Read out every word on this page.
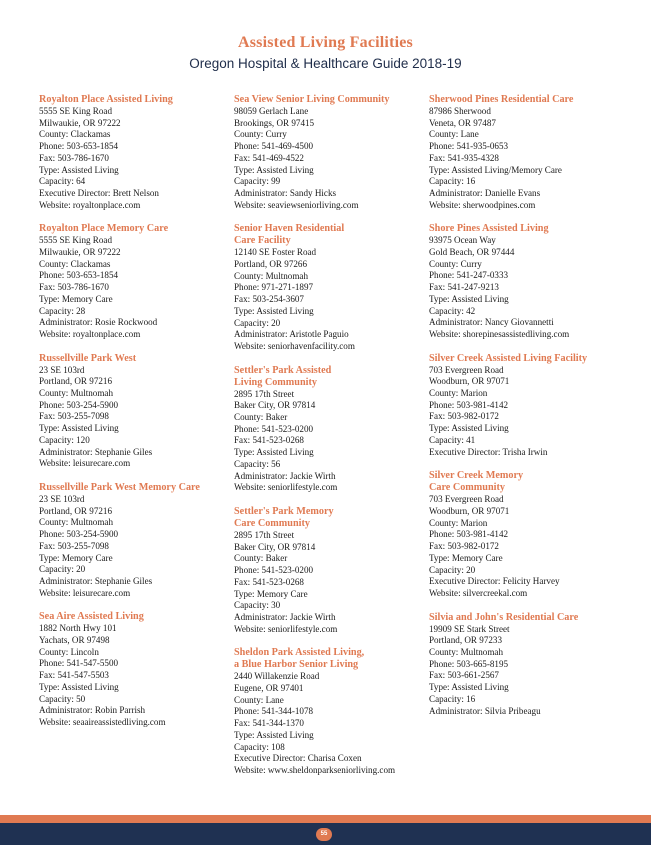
Assisted Living Facilities
Oregon Hospital & Healthcare Guide 2018-19
Royalton Place Assisted Living
5555 SE King Road
Milwaukie, OR 97222
County: Clackamas
Phone: 503-653-1854
Fax: 503-786-1670
Type: Assisted Living
Capacity: 64
Executive Director: Brett Nelson
Website: royaltonplace.com
Royalton Place Memory Care
5555 SE King Road
Milwaukie, OR 97222
County: Clackamas
Phone: 503-653-1854
Fax: 503-786-1670
Type: Memory Care
Capacity: 28
Administrator: Rosie Rockwood
Website: royaltonplace.com
Russellville Park West
23 SE 103rd
Portland, OR 97216
County: Multnomah
Phone: 503-254-5900
Fax: 503-255-7098
Type: Assisted Living
Capacity: 120
Administrator: Stephanie Giles
Website: leisurecare.com
Russellville Park West Memory Care
23 SE 103rd
Portland, OR 97216
County: Multnomah
Phone: 503-254-5900
Fax: 503-255-7098
Type: Memory Care
Capacity: 20
Administrator: Stephanie Giles
Website: leisurecare.com
Sea Aire Assisted Living
1882 North Hwy 101
Yachats, OR 97498
County: Lincoln
Phone: 541-547-5500
Fax: 541-547-5503
Type: Assisted Living
Capacity: 50
Administrator: Robin Parrish
Website: seaaireassistedliving.com
Sea View Senior Living Community
98059 Gerlach Lane
Brookings, OR 97415
County: Curry
Phone: 541-469-4500
Fax: 541-469-4522
Type: Assisted Living
Capacity: 99
Administrator: Sandy Hicks
Website: seaviewseniorliving.com
Senior Haven Residential
Care Facility
12140 SE Foster Road
Portland, OR 97266
County: Multnomah
Phone: 971-271-1897
Fax: 503-254-3607
Type: Assisted Living
Capacity: 20
Administrator: Aristotle Paguio
Website: seniorhavenfacility.com
Settler's Park Assisted
Living Community
2895 17th Street
Baker City, OR 97814
County: Baker
Phone: 541-523-0200
Fax: 541-523-0268
Type: Assisted Living
Capacity: 56
Administrator: Jackie Wirth
Website: seniorlifestyle.com
Settler's Park Memory
Care Community
2895 17th Street
Baker City, OR 97814
County: Baker
Phone: 541-523-0200
Fax: 541-523-0268
Type: Memory Care
Capacity: 30
Administrator: Jackie Wirth
Website: seniorlifestyle.com
Sheldon Park Assisted Living,
a Blue Harbor Senior Living
2440 Willakenzie Road
Eugene, OR 97401
County: Lane
Phone: 541-344-1078
Fax: 541-344-1370
Type: Assisted Living
Capacity: 108
Executive Director: Charisa Coxen
Website: www.sheldonparkseniorliving.com
Sherwood Pines Residential Care
87986 Sherwood
Veneta, OR 97487
County: Lane
Phone: 541-935-0653
Fax: 541-935-4328
Type: Assisted Living/Memory Care
Capacity: 16
Administrator: Danielle Evans
Website: sherwoodpines.com
Shore Pines Assisted Living
93975 Ocean Way
Gold Beach, OR 97444
County: Curry
Phone: 541-247-0333
Fax: 541-247-9213
Type: Assisted Living
Capacity: 42
Administrator: Nancy Giovannetti
Website: shorepinesassistedliving.com
Silver Creek Assisted Living Facility
703 Evergreen Road
Woodburn, OR 97071
County: Marion
Phone: 503-981-4142
Fax: 503-982-0172
Type: Assisted Living
Capacity: 41
Executive Director: Trisha Irwin
Silver Creek Memory
Care Community
703 Evergreen Road
Woodburn, OR 97071
County: Marion
Phone: 503-981-4142
Fax: 503-982-0172
Type: Memory Care
Capacity: 20
Executive Director: Felicity Harvey
Website: silvercreekal.com
Silvia and John's Residential Care
19909 SE Stark Street
Portland, OR 97233
County: Multnomah
Phone: 503-665-8195
Fax: 503-661-2567
Type: Assisted Living
Capacity: 16
Administrator: Silvia Pribeagu
55
